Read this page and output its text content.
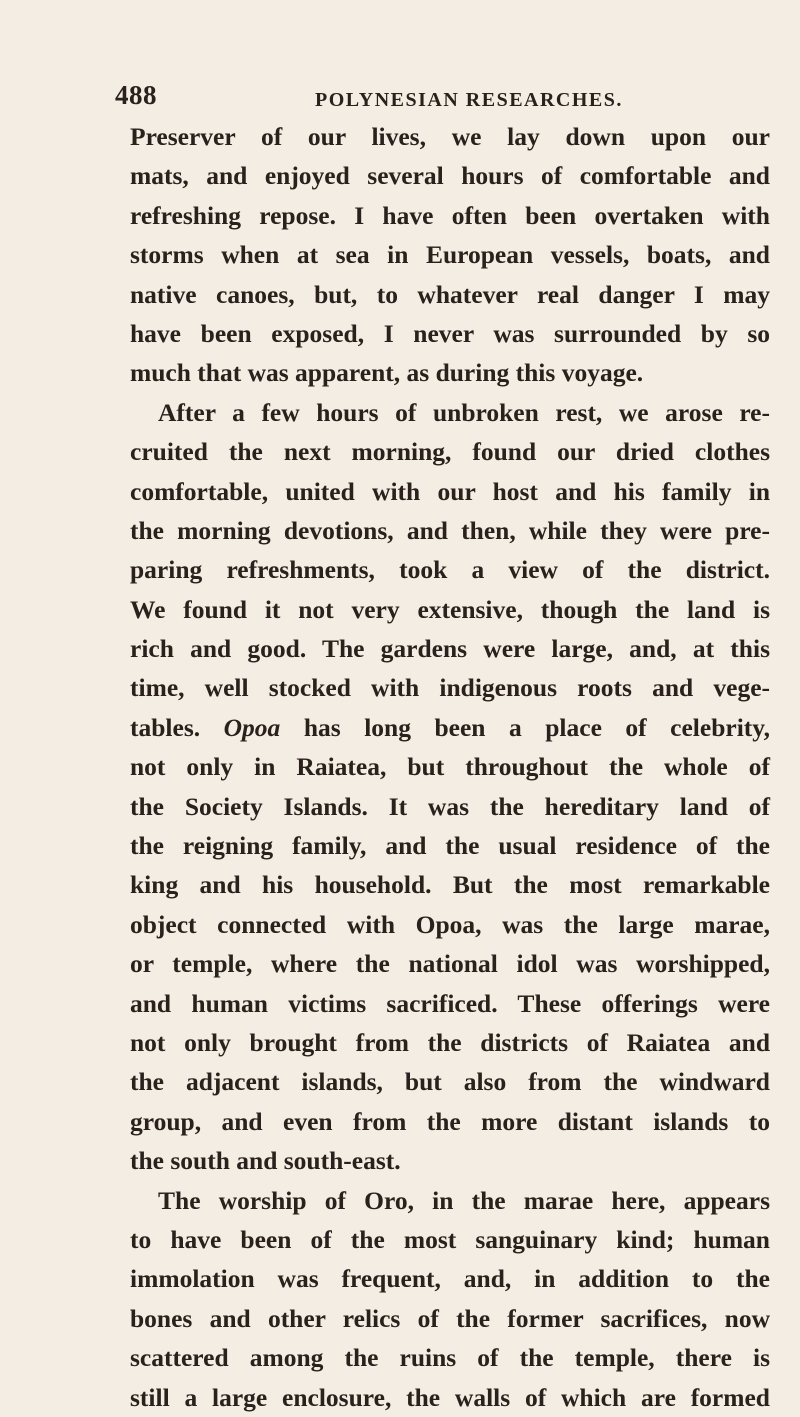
488	POLYNESIAN RESEARCHES.
Preserver of our lives, we lay down upon our
mats, and enjoyed several hours of comfortable and
refreshing repose. I have often been overtaken with
storms when at sea in European vessels, boats, and
native canoes, but, to whatever real danger I may
have been exposed, I never was surrounded by so
much that was apparent, as during this voyage.
After a few hours of unbroken rest, we arose re-
cruited the next morning, found our dried clothes
comfortable, united with our host and his family in
the morning devotions, and then, while they were pre-
paring refreshments, took a view of the district.
We found it not very extensive, though the land is
rich and good. The gardens were large, and, at this
time, well stocked with indigenous roots and vege-
tables. Opoa has long been a place of celebrity,
not only in Raiatea, but throughout the whole of
the Society Islands. It was the hereditary land of
the reigning family, and the usual residence of the
king and his household. But the most remarkable
object connected with Opoa, was the large marae,
or temple, where the national idol was worshipped,
and human victims sacrificed. These offerings were
not only brought from the districts of Raiatea and
the adjacent islands, but also from the windward
group, and even from the more distant islands to
the south and south-east.
The worship of Oro, in the marae here, appears
to have been of the most sanguinary kind; human
immolation was frequent, and, in addition to the
bones and other relics of the former sacrifices, now
scattered among the ruins of the temple, there is
still a large enclosure, the walls of which are formed
